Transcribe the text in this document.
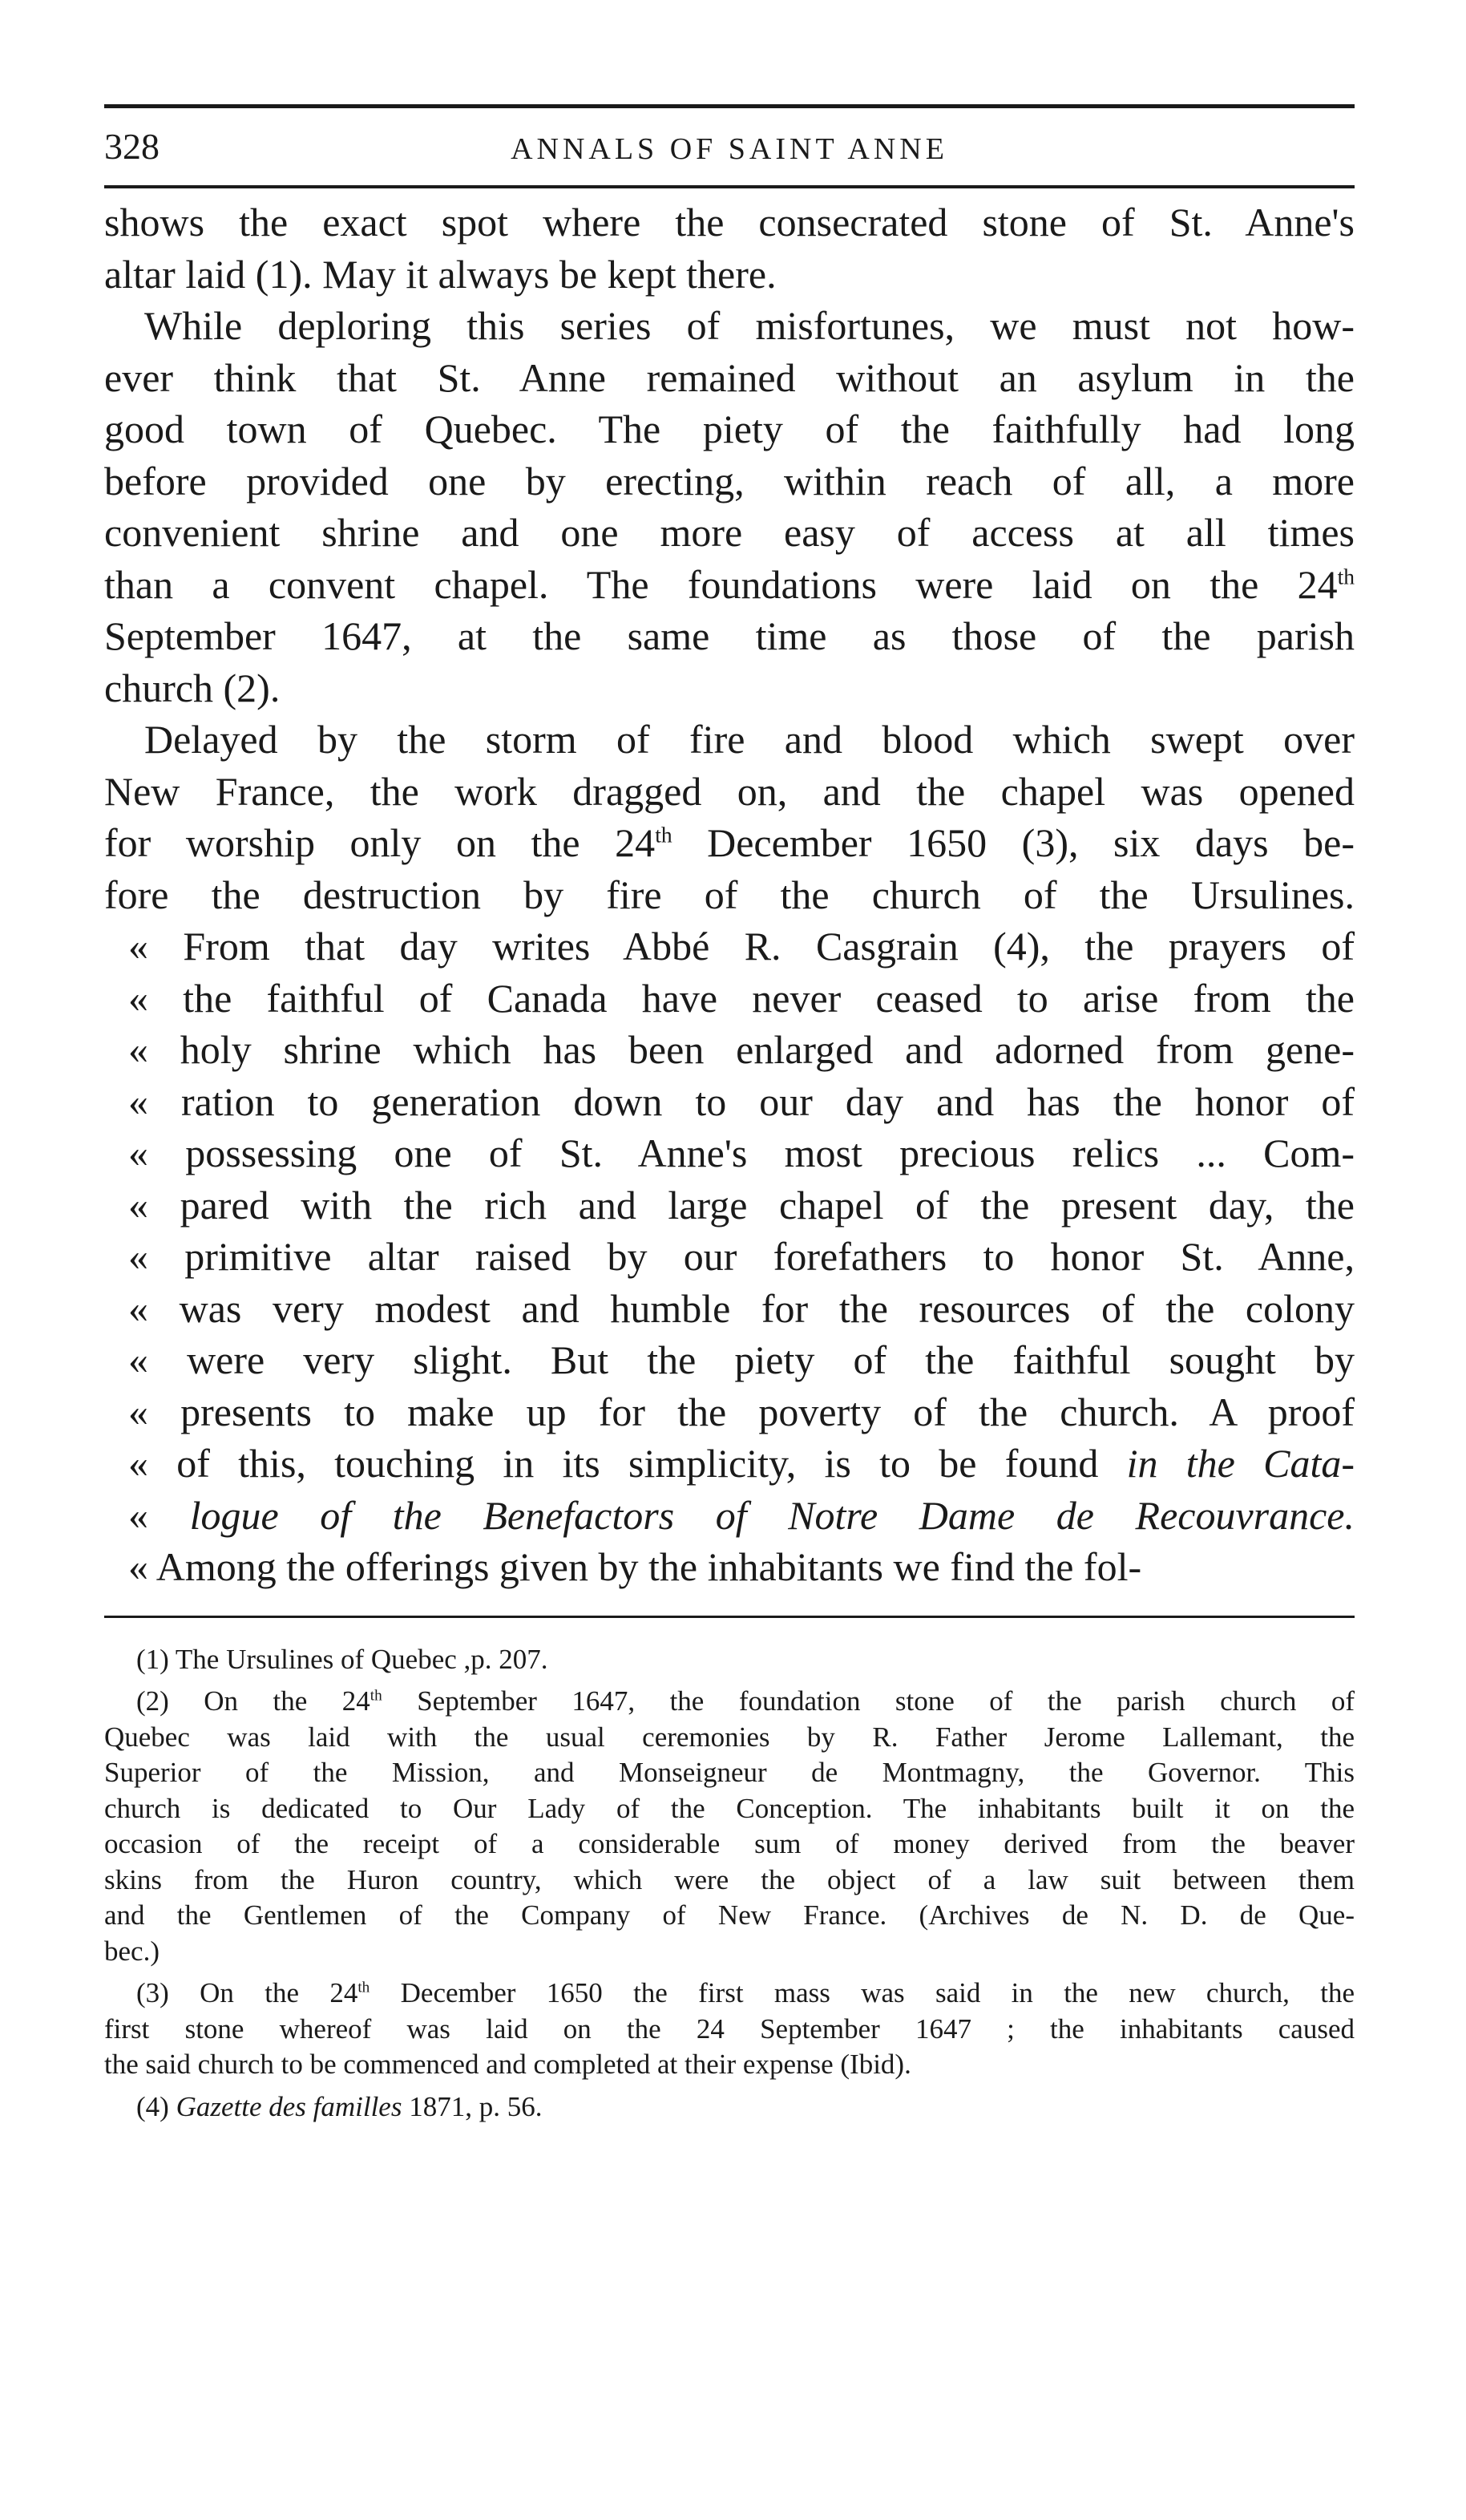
328	ANNALS OF SAINT ANNE
shows the exact spot where the consecrated stone of St. Anne's
altar laid (1). May it always be kept there.
While deploring this series of misfortunes, we must not how-
ever think that St. Anne remained without an asylum in the
good town of Quebec. The piety of the faithfully had long
before provided one by erecting, within reach of all, a more
convenient shrine and one more easy of access at all times
than a convent chapel. The foundations were laid on the 24th
September 1647, at the same time as those of the parish
church (2).
Delayed by the storm of fire and blood which swept over
New France, the work dragged on, and the chapel was opened
for worship only on the 24th December 1650 (3), six days be-
fore the destruction by fire of the church of the Ursulines.
« From that day writes Abbé R. Casgrain (4), the prayers of
« the faithful of Canada have never ceased to arise from the
« holy shrine which has been enlarged and adorned from gene-
« ration to generation down to our day and has the honor of
« possessing one of St. Anne's most precious relics ... Com-
« pared with the rich and large chapel of the present day, the
« primitive altar raised by our forefathers to honor St. Anne,
« was very modest and humble for the resources of the colony
« were very slight. But the piety of the faithful sought by
« presents to make up for the poverty of the church. A proof
« of this, touching in its simplicity, is to be found in the Cata-
« logue of the Benefactors of Notre Dame de Recouvrance.
« Among the offerings given by the inhabitants we find the fol-
(1) The Ursulines of Quebec ,p. 207.
(2) On the 24th September 1647, the foundation stone of the parish church of
Quebec was laid with the usual ceremonies by R. Father Jerome Lallemant, the
Superior of the Mission, and Monseigneur de Montmagny, the Governor. This
church is dedicated to Our Lady of the Conception. The inhabitants built it on the
occasion of the receipt of a considerable sum of money derived from the beaver
skins from the Huron country, which were the object of a law suit between them
and the Gentlemen of the Company of New France. (Archives de N. D. de Que-
bec.)
(3) On the 24th December 1650 the first mass was said in the new church, the
first stone whereof was laid on the 24 September 1647 ; the inhabitants caused
the said church to be commenced and completed at their expense (Ibid).
(4) Gazette des familles 1871, p. 56.
